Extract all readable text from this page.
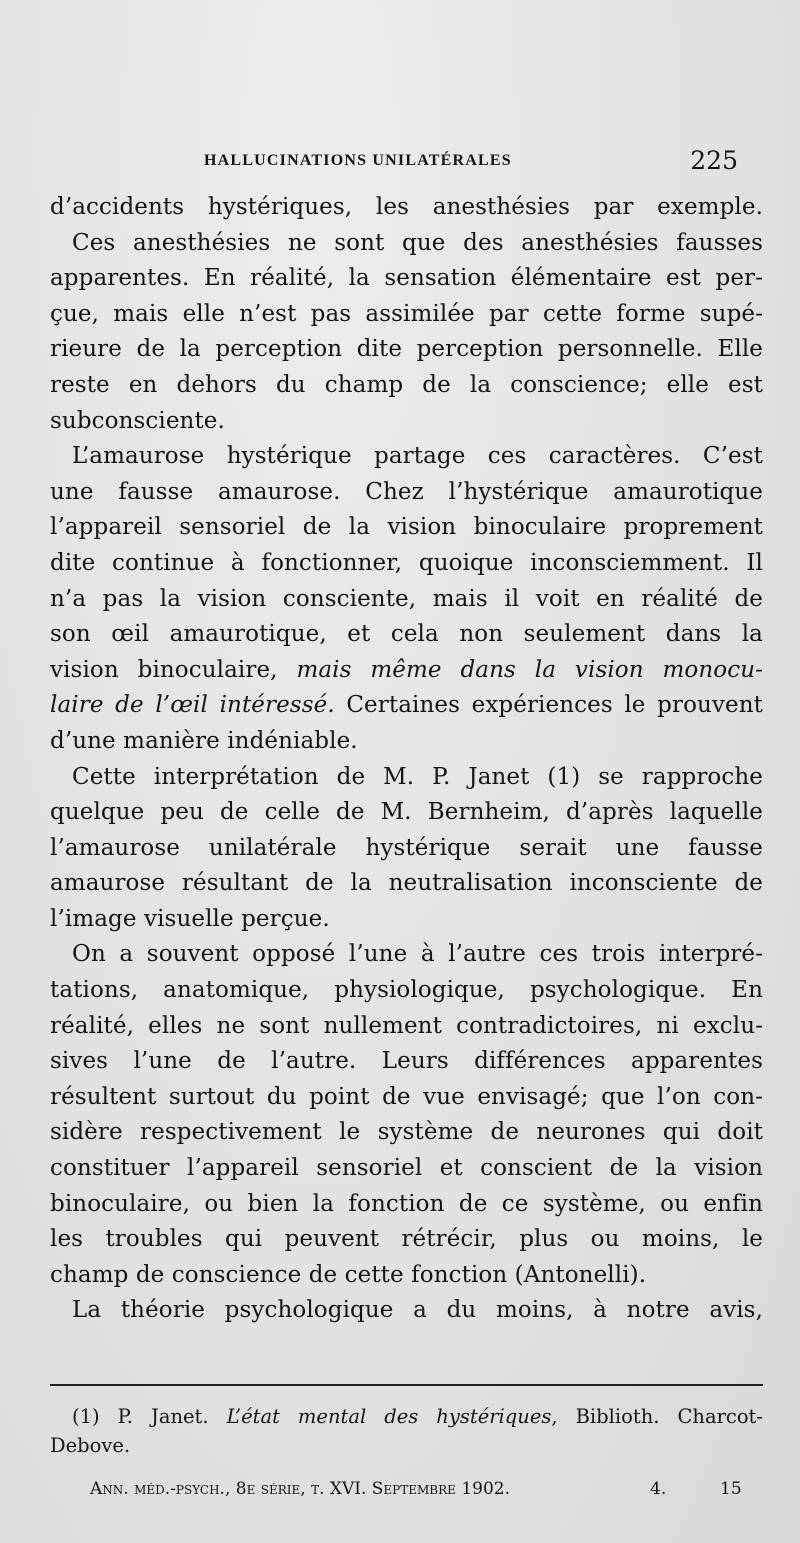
HALLUCINATIONS UNILATÉRALES	225
d’accidents hystériques, les anesthésies par exemple.
Ces anesthésies ne sont que des anesthésies fausses
apparentes. En réalité, la sensation élémentaire est per-
çue, mais elle n’est pas assimilée par cette forme supé-
rieure de la perception dite perception personnelle. Elle
reste en dehors du champ de la conscience; elle est
subconsciente.
L’amaurose hystérique partage ces caractères. C’est
une fausse amaurose. Chez l’hystérique amaurotique
l’appareil sensoriel de la vision binoculaire proprement
dite continue à fonctionner, quoique inconsciemment. Il
n’a pas la vision consciente, mais il voit en réalité de
son œil amaurotique, et cela non seulement dans la
vision binoculaire, mais même dans la vision monocu-
laire de l’œil intéressé. Certaines expériences le prouvent
d’une manière indéniable.
Cette interprétation de M. P. Janet (1) se rapproche
quelque peu de celle de M. Bernheim, d’après laquelle
l’amaurose unilatérale hystérique serait une fausse
amaurose résultant de la neutralisation inconsciente de
l’image visuelle perçue.
On a souvent opposé l’une à l’autre ces trois interpré-
tations, anatomique, physiologique, psychologique. En
réalité, elles ne sont nullement contradictoires, ni exclu-
sives l’une de l’autre. Leurs différences apparentes
résultent surtout du point de vue envisagé; que l’on con-
sidère respectivement le système de neurones qui doit
constituer l’appareil sensoriel et conscient de la vision
binoculaire, ou bien la fonction de ce système, ou enfin
les troubles qui peuvent rétrécir, plus ou moins, le
champ de conscience de cette fonction (Antonelli).
La théorie psychologique a du moins, à notre avis,
(1) P. Janet. L’état mental des hystériques, Biblioth. Charcot-
Debove.
Ann. méd.-psych., 8e série, t. XVI. Septembre 1902.	4.	15
